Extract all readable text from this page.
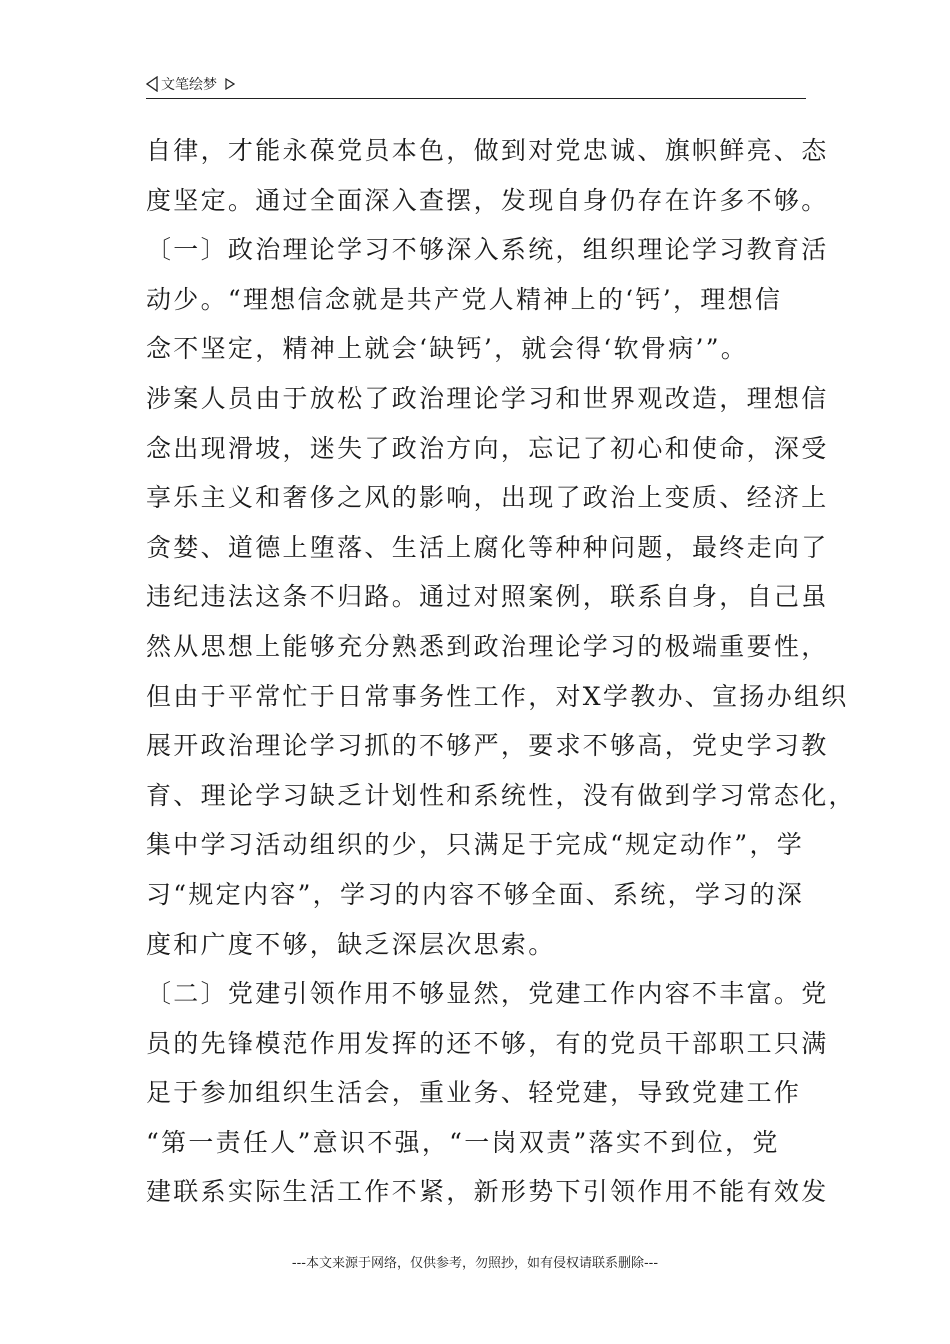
文笔绘梦
自律，才能永葆党员本色，做到对党忠诚、旗帜鲜亮、态
度坚定。通过全面深入查摆，发现自身仍存在许多不够。
〔一〕政治理论学习不够深入系统，组织理论学习教育活
动少。“理想信念就是共产党人精神上的‘钙’，理想信
念不坚定，精神上就会‘缺钙’，就会得‘软骨病’”。
涉案人员由于放松了政治理论学习和世界观改造，理想信
念出现滑坡，迷失了政治方向，忘记了初心和使命，深受
享乐主义和奢侈之风的影响，出现了政治上变质、经济上
贪婪、道德上堕落、生活上腐化等种种问题，最终走向了
违纪违法这条不归路。通过对照案例，联系自身，自己虽
然从思想上能够充分熟悉到政治理论学习的极端重要性，
但由于平常忙于日常事务性工作，对X学教办、宣扬办组织
展开政治理论学习抓的不够严，要求不够高，党史学习教
育、理论学习缺乏计划性和系统性，没有做到学习常态化，
集中学习活动组织的少，只满足于完成“规定动作”，学
习“规定内容”，学习的内容不够全面、系统，学习的深
度和广度不够，缺乏深层次思索。
〔二〕党建引领作用不够显然，党建工作内容不丰富。党
员的先锋模范作用发挥的还不够，有的党员干部职工只满
足于参加组织生活会，重业务、轻党建，导致党建工作
“第一责任人”意识不强，“一岗双责”落实不到位，党
建联系实际生活工作不紧，新形势下引领作用不能有效发
---本文来源于网络，仅供参考，勿照抄，如有侵权请联系删除---
